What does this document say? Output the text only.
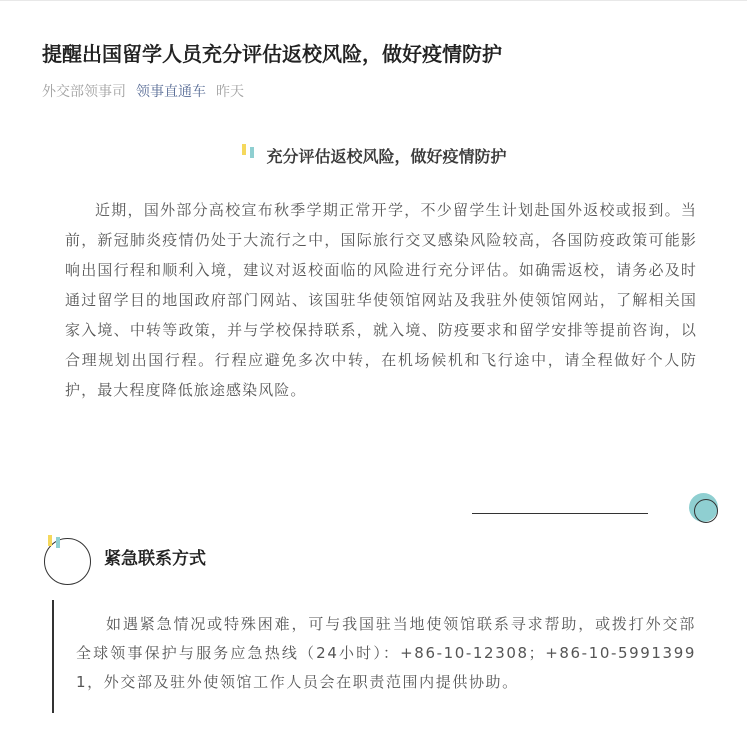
提醒出国留学人员充分评估返校风险，做好疫情防护
外交部领事司 领事直通车 昨天
充分评估返校风险，做好疫情防护
近期，国外部分高校宣布秋季学期正常开学，不少留学生计划赴国外返校或报到。当前，新冠肺炎疫情仍处于大流行之中，国际旅行交叉感染风险较高，各国防疫政策可能影响出国行程和顺利入境，建议对返校面临的风险进行充分评估。如确需返校，请务必及时通过留学目的地国政府部门网站、该国驻华使领馆网站及我驻外使领馆网站，了解相关国家入境、中转等政策，并与学校保持联系，就入境、防疫要求和留学安排等提前咨询，以合理规划出国行程。行程应避免多次中转，在机场候机和飞行途中，请全程做好个人防护，最大程度降低旅途感染风险。
紧急联系方式
如遇紧急情况或特殊困难，可与我国驻当地使领馆联系寻求帮助，或拨打外交部全球领事保护与服务应急热线（24小时）：+86-10-12308；+86-10-59913991，外交部及驻外使领馆工作人员会在职责范围内提供协助。
